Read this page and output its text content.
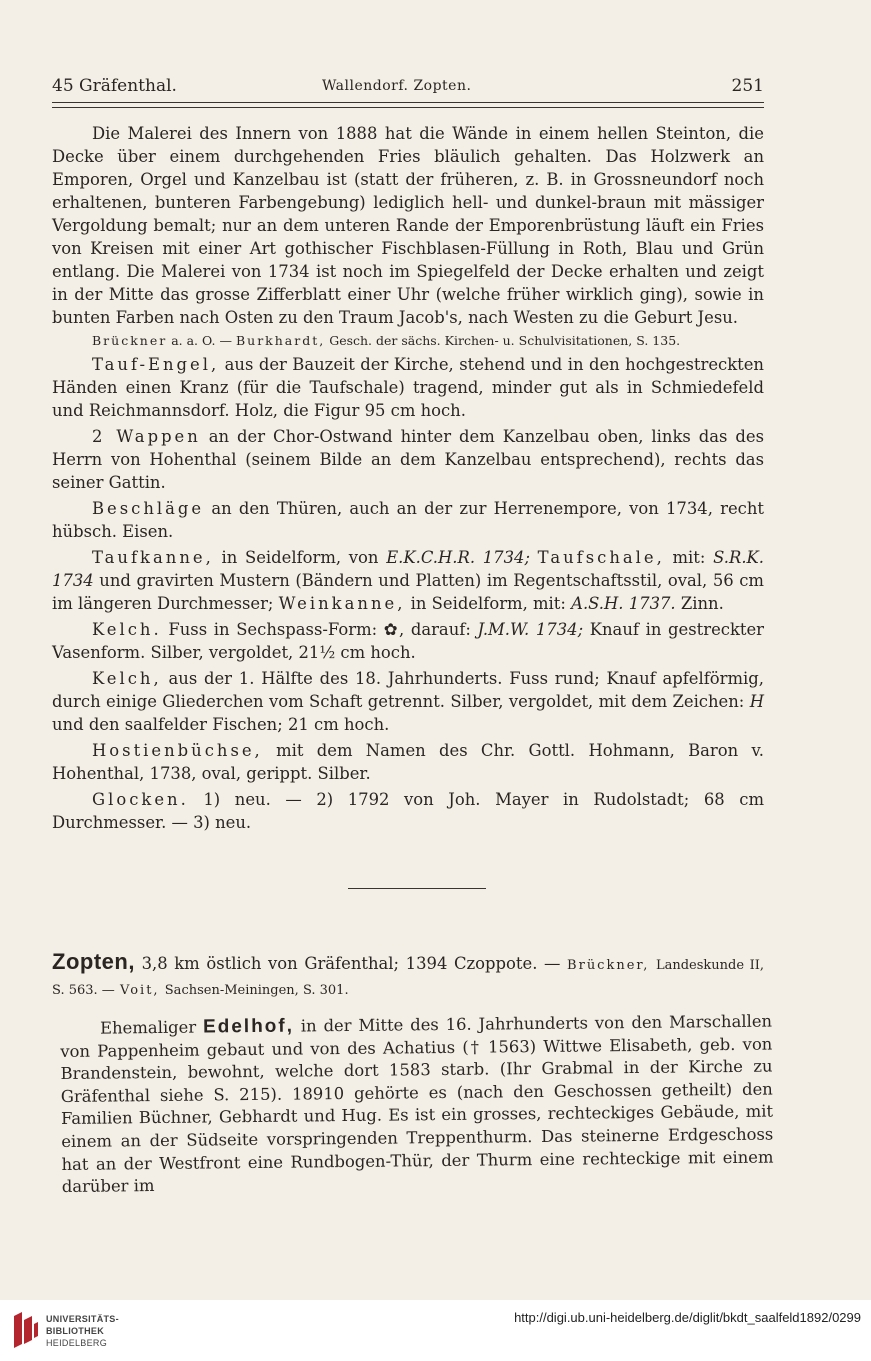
45 Gräfenthal.	Wallendorf. Zopten.	251

Die Malerei des Innern von 1888 hat die Wände in einem hellen Steinton, die Decke über einem durchgehenden Fries bläulich gehalten. Das Holzwerk an Emporen, Orgel und Kanzelbau ist (statt der früheren, z. B. in Grossneundorf noch erhaltenen, bunteren Farbengebung) lediglich hell- und dunkel-braun mit mässiger Vergoldung bemalt; nur an dem unteren Rande der Emporenbrüstung läuft ein Fries von Kreisen mit einer Art gothischer Fischblasen-Füllung in Roth, Blau und Grün entlang. Die Malerei von 1734 ist noch im Spiegelfeld der Decke erhalten und zeigt in der Mitte das grosse Zifferblatt einer Uhr (welche früher wirklich ging), sowie in bunten Farben nach Osten zu den Traum Jacob's, nach Westen zu die Geburt Jesu.

Brückner a. a. O. — Burkhardt, Gesch. der sächs. Kirchen- u. Schulvisitationen, S. 135.

Tauf-Engel, aus der Bauzeit der Kirche, stehend und in den hochgestreckten Händen einen Kranz (für die Taufschale) tragend, minder gut als in Schmiedefeld und Reichmannsdorf. Holz, die Figur 95 cm hoch.

2 Wappen an der Chor-Ostwand hinter dem Kanzelbau oben, links das des Herrn von Hohenthal (seinem Bilde an dem Kanzelbau entsprechend), rechts das seiner Gattin.

Beschläge an den Thüren, auch an der zur Herrenempore, von 1734, recht hübsch. Eisen.

Taufkanne, in Seidelform, von E.K.C.H.R. 1734; Taufschale, mit: S.R.K. 1734 und gravirten Mustern (Bändern und Platten) im Regentschaftsstil, oval, 56 cm im längeren Durchmesser; Weinkanne, in Seidelform, mit: A.S.H. 1737. Zinn.

Kelch. Fuss in Sechspass-Form: ✿, darauf: J.M.W. 1734; Knauf in gestreckter Vasenform. Silber, vergoldet, 21½ cm hoch.

Kelch, aus der 1. Hälfte des 18. Jahrhunderts. Fuss rund; Knauf apfelförmig, durch einige Gliederchen vom Schaft getrennt. Silber, vergoldet, mit dem Zeichen: H und den saalfelder Fischen; 21 cm hoch.

Hostienbüchse, mit dem Namen des Chr. Gottl. Hohmann, Baron v. Hohenthal, 1738, oval, gerippt. Silber.

Glocken. 1) neu. — 2) 1792 von Joh. Mayer in Rudolstadt; 68 cm Durchmesser. — 3) neu.

Zopten, 3,8 km östlich von Gräfenthal; 1394 Czoppote. — Brückner, Landeskunde II, S. 563. — Voit, Sachsen-Meiningen, S. 301.

Ehemaliger Edelhof, in der Mitte des 16. Jahrhunderts von den Marschallen von Pappenheim gebaut und von des Achatius († 1563) Wittwe Elisabeth, geb. von Brandenstein, bewohnt, welche dort 1583 starb. (Ihr Grabmal in der Kirche zu Gräfenthal siehe S. 215). 18910 gehörte es (nach den Geschossen getheilt) den Familien Büchner, Gebhardt und Hug. Es ist ein grosses, rechteckiges Gebäude, mit einem an der Südseite vorspringenden Treppenthurm. Das steinerne Erdgeschoss hat an der Westfront eine Rundbogen-Thür, der Thurm eine rechteckige mit einem darüber im

UNIVERSITÄTS-
BIBLIOTHEK
HEIDELBERG
http://digi.ub.uni-heidelberg.de/diglit/bkdt_saalfeld1892/0299
